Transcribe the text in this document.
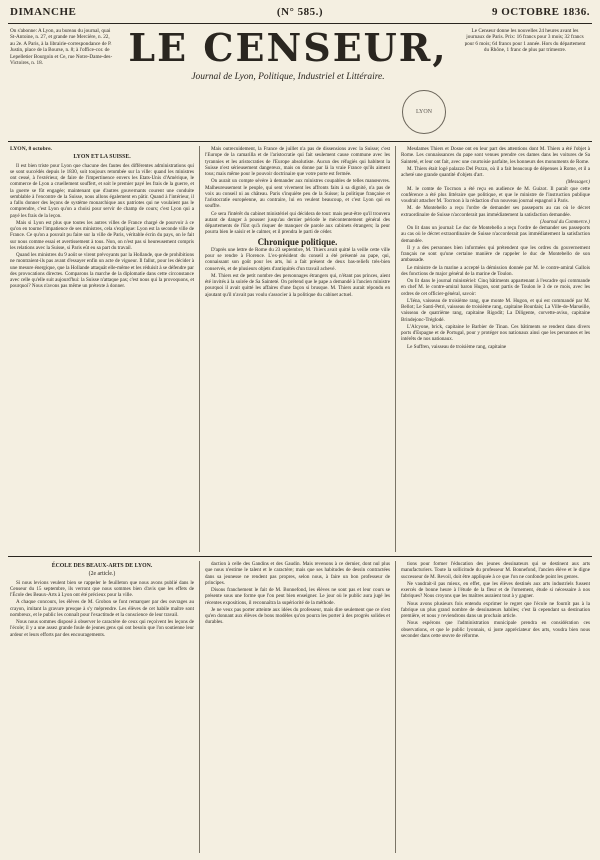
DIMANCHE	(N° 585.)	9 OCTOBRE 1836.
On s'abonne: A Lyon, au bureau du journal, quai St-Antoine, n. 27, et grande rue Mercière, n. 22, au 2e. A Paris, à la librairie-correspondance de P. Justin, place de la Bourse, n. 8; à l'office-cor. de Lepelletier Bourgoin et Ce, rue Notre-Dame-des-Victoires, n. 18.	LE CENSEUR,
Journal de Lyon, Politique, Industriel et Littéraire.
LYON
Le Censeur donne les nouvelles 24 heures avant les journaux de Paris. Prix: 16 francs pour 3 mois; 32 francs pour 6 mois; 64 francs pour 1 année. Hors du département du Rhône, 1 franc de plus par trimestre.
LYON, 8 octobre.
LYON ET LA SUISSE.

Il est bien triste pour Lyon que chacune des fautes des différentes administrations qui se sont succédés depuis le 1830, soit toujours retombée sur la ville: quand les ministres ont cessé, à l'extérieur, de faire de l'impertinence envers les Etats-Unis d'Amérique, le commerce de Lyon a cruellement souffert, et soit le premier payé les frais de la guerre, et la guerre se fût engagée; maintenant que d'autres gouvernants courent une conduite semblable à l'encontre de la Suisse, nous allons également en pâtir. Quand à l'intérieur, il a fallu donner des leçons de système monarchique aux patriotes qui ne voulaient pas le comprendre, c'est Lyon qu'on a choisi pour servir de champ de cours; c'est Lyon qui a payé les frais de la leçon.

Mais si Lyon est plus que toutes les autres villes de France chargé de pourvoir à ce qu'on en tourne l'impatience de ses ministres, cela s'explique: Lyon est la seconde ville de France. Ce qu'on a pouvait pu faire sur la ville de Paris, véritable écrin du pays, on le fait sur nous comme essai et avertissement à tous. Non, on n'est pas si heureusement compris les relations avec la Suisse, si Paris eût eu sa part du travail.

Quand les ministres du 9 août se virent prévoyants par la Hollande, que de prohibitions ne montraient-ils pas avant d'essayer enfin un acte de vigueur. Il fallut, pour les décider à une mesure énergique, que la Hollande attaquât elle-même et les réduisit à se défendre par des provocations directes. Comparons la marche de la diplomatie dans cette circonstance avec celle qu'elle suit aujourd'hui: la Suisse n'attaque pas; c'est nous qui la provoquons, et pourquoi? Nous n'avons pas même un prétexte à donner.

Mais outrecuidement, la France de juillet n'a pas de dissensions avec la Suisse; c'est l'Europe de la camarilla et de l'aristocratie qui fait seulement cause commune avec les tyrannies et les aristocraties de l'Europe absolutiste. Aucun des réfugiés qui habitent la Suisse n'est sérieusement dangereux, mais on donne par là la vraie France qu'ils aiment tous; mais même pour le pouvoir doctrinaire que votre porte est fermée.

On aurait un compte sévère à demander aux ministres coupables de telles manœuvres. Malheureusement le peuple, qui sent vivement les affronts faits à sa dignité, n'a pas de voix au conseil ni au château. Paris s'inquiète peu de la Suisse; la politique française et l'aristocratie européenne, au contraire, lui en veulent beaucoup, et c'est Lyon qui en souffre.

Ce sera l'intérêt du cabinet ministériel qui décidera de tout: mais peut-être qu'il trouvera autant de danger à pousser jusqu'au dernier période le mécontentement général des départements de l'Est qu'à risquer de manquer de parole aux cabinets étrangers; la peur pourra bien le saisir et le calmer, et il prendra le parti de céder.

Chronique politique.

D'après une lettre de Rome du 23 septembre, M. Thiers avait quitté la veille cette ville pour se rendre à Florence. L'ex-président du conseil a été présenté au pape, qui, connaissant son goût pour les arts, lui a fait présent de deux bas-reliefs très-bien conservés, et de plusieurs objets d'antiquités d'un travail achevé.

M. Thiers est de petit nombre des personnages étrangers qui, n'étant pas princes, aient été invités à la soirée de Sa Sainteté. On prétend que le pape a demandé à l'ancien ministre pourquoi il avait quitté les affaires d'une façon si brusque. M. Thiers aurait répondu en ajoutant qu'il n'avait pas voulu s'associer à la politique du cabinet actuel.

Mesdames Thiers et Dosne ont en leur part des attentions dont M. Thiers a été l'objet à Rome. Les connaissances du pape sont venues prendre ces dames dans les voitures de Sa Sainteté, et leur ont fait, avec une courtoisie parfaite, les honneurs des monuments de Rome.

M. Thiers était logé palazzo Del Pozzo, où il a fait beaucoup de dépenses à Rome, et il a acheté une grande quantité d'objets d'art.

(Messager.)

M. le comte de Tocrnon a été reçu en audience de M. Guizot. Il paraît que cette conférence a été plus littéraire que politique, et que le ministre de l'instruction publique voudrait attacher M. Tocrnon à la rédaction d'un nouveau journal espagnol à Paris.

M. de Montebello a reçu l'ordre de demander ses passeports au cas où le décret extraordinaire de Suisse n'accorderait pas immédiatement la satisfaction demandée.

(Journal du Commerce.)

On lit dans un journal: Le duc de Montebello a reçu l'ordre de demander ses passeports au cas où le décret extraordinaire de Suisse n'accorderait pas immédiatement la satisfaction demandée.

Il y a des personnes bien informées qui prétendent que les ordres du gouvernement français ne sont qu'une certaine manière de rappeler le duc de Montebello de son ambassade.

Le ministre de la marine a accepté la démission donnée par M. le contre-amiral Gallois des fonctions de major général de la marine de Toulon.

On lit dans le journal ministériel: Cinq bâtiments appartenant à l'escadre qui commande en chef M. le contre-amiral baron Hugon, sont partis de Toulon le 3 de ce mois, avec les ordres de cet officier-général, savoir:

L'Iéna, vaisseau de troisième rang, que monte M. Hugon, et qui est commandé par M. Bellot; Le Santi-Petri, vaisseau de troisième rang, capitaine Bourdais; La Ville-de-Marseille, vaisseau de quatrième rang, capitaine Rigodit; La Diligente, corvette-aviso, capitaine Brindejonc-Tréglodé.

L'Alcyone, brick, capitaine le Barbier de Tinan. Ces bâtiments se rendent dans divers ports d'Espagne et de Portugal, pour y protéger nos nationaux ainsi que les personnes et les intérêts de nos nationaux.

Le Suffren, vaisseau de troisième rang, capitaine

ÉCOLE DES BEAUX-ARTS DE LYON.
(2e article.)

Si nous levions veulent bien se rappeler le feuilleton que nous avons publié dans le Censeur du 15 septembre, ils verront que nous sommes bien d'avis que les effets de l'École des Beaux-Arts à Lyon ont été précieux pour la ville.

A chaque concours, les élèves de M. Grobon se font remarquer par des ouvrages au crayon, imitant la gravure presque à s'y méprendre. Les élèves de cet habile maître sont nombreux, et le public les connaît pour l'exactitude et la conscience de leur travail.

Nous nous sommes disposé à observer le caractère de ceux qui reçoivent les leçons de l'école; il y a une assez grande foule de jeunes gens qui ont besoin que l'on soutienne leur ardeur et leurs efforts par des encouragements.

daction à celle des Gandins et des Gaudin. Mais revenons à ce dernier, dont nul plus que nous n'estime le talent et le caractère; mais que ses habitudes de dessin contractées dans sa jeunesse ne rendent pas propres, selon nous, à faire un bon professeur de principes.

Disons franchement le fait de M. Bonnefond, les élèves ne sont pas et leur cours se présente sous une forme que l'on peut bien enseigner. Le jour où le public aura jugé les récentes expositions, il reconnaîtra la supériorité de la méthode.

Je ne veux pas porter atteinte aux idées du professeur, mais dire seulement que ce n'est qu'en donnant aux élèves de bons modèles qu'on pourra les porter à des progrès solides et durables.

tions pour former l'éducation des jeunes dessinateurs qui se destinent aux arts manufacturiers. Toute la sollicitude du professeur M. Bonnefond, l'ancien élève et le digne successeur de M. Revoil, doit être appliquée à ce que l'on ne confonde point les genres.

Ne vaudrait-il pas mieux, en effet, que les élèves destinés aux arts industriels fussent exercés de bonne heure à l'étude de la fleur et de l'ornement, étude si nécessaire à nos fabriques? Nous croyons que les maîtres auraient tout à y gagner.

Nous avons plusieurs fois entendu exprimer le regret que l'école ne fournît pas à la fabrique un plus grand nombre de dessinateurs habiles; c'est là cependant sa destination première, et nous y reviendrons dans un prochain article.

Nous espérons que l'administration municipale prendra en considération ces observations, et que le public lyonnais, si juste appréciateur des arts, voudra bien nous seconder dans cette œuvre de réforme.
